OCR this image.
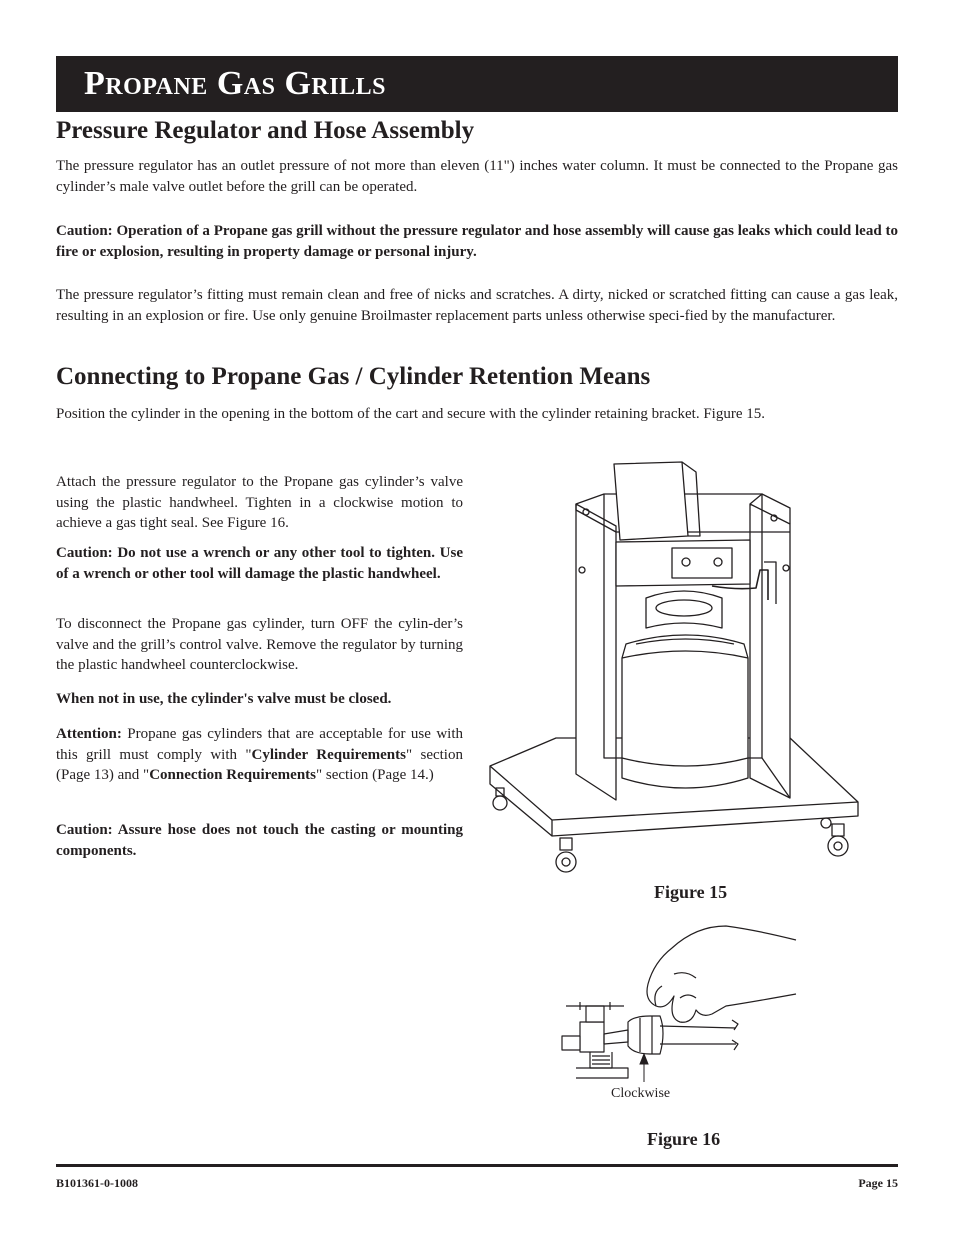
Propane Gas Grills
Pressure Regulator and Hose Assembly

The pressure regulator has an outlet pressure of not more than eleven (11") inches water column. It must be connected to the Propane gas cylinder’s male valve outlet before the grill can be operated.

Caution: Operation of a Propane gas grill without the pressure regulator and hose assembly will cause gas leaks which could lead to fire or explosion, resulting in property damage or personal injury.

The pressure regulator’s fitting must remain clean and free of nicks and scratches. A dirty, nicked or scratched fitting can cause a gas leak, resulting in an explosion or fire. Use only genuine Broilmaster replacement parts unless otherwise speci-fied by the manufacturer.

Connecting to Propane Gas / Cylinder Retention Means

Position the cylinder in the opening in the bottom of the cart and secure with the cylinder retaining bracket. Figure 15.

Attach the pressure regulator to the Propane gas cylinder’s valve using the plastic handwheel. Tighten in a clockwise motion to achieve a gas tight seal. See Figure 16.

Caution: Do not use a wrench or any other tool to tighten. Use of a wrench or other tool will damage the plastic handwheel.

To disconnect the Propane gas cylinder, turn OFF the cylin-der’s valve and the grill’s control valve. Remove the regulator by turning the plastic handwheel counterclockwise.

When not in use, the cylinder's valve must be closed.

Attention: Propane gas cylinders that are acceptable for use with this grill must comply with "Cylinder Requirements" section (Page 13) and "Connection Requirements" section (Page 14.)

Caution: Assure hose does not touch the casting or mounting components.

Figure 15
Clockwise
Figure 16
B101361-0-1008	Page 15
